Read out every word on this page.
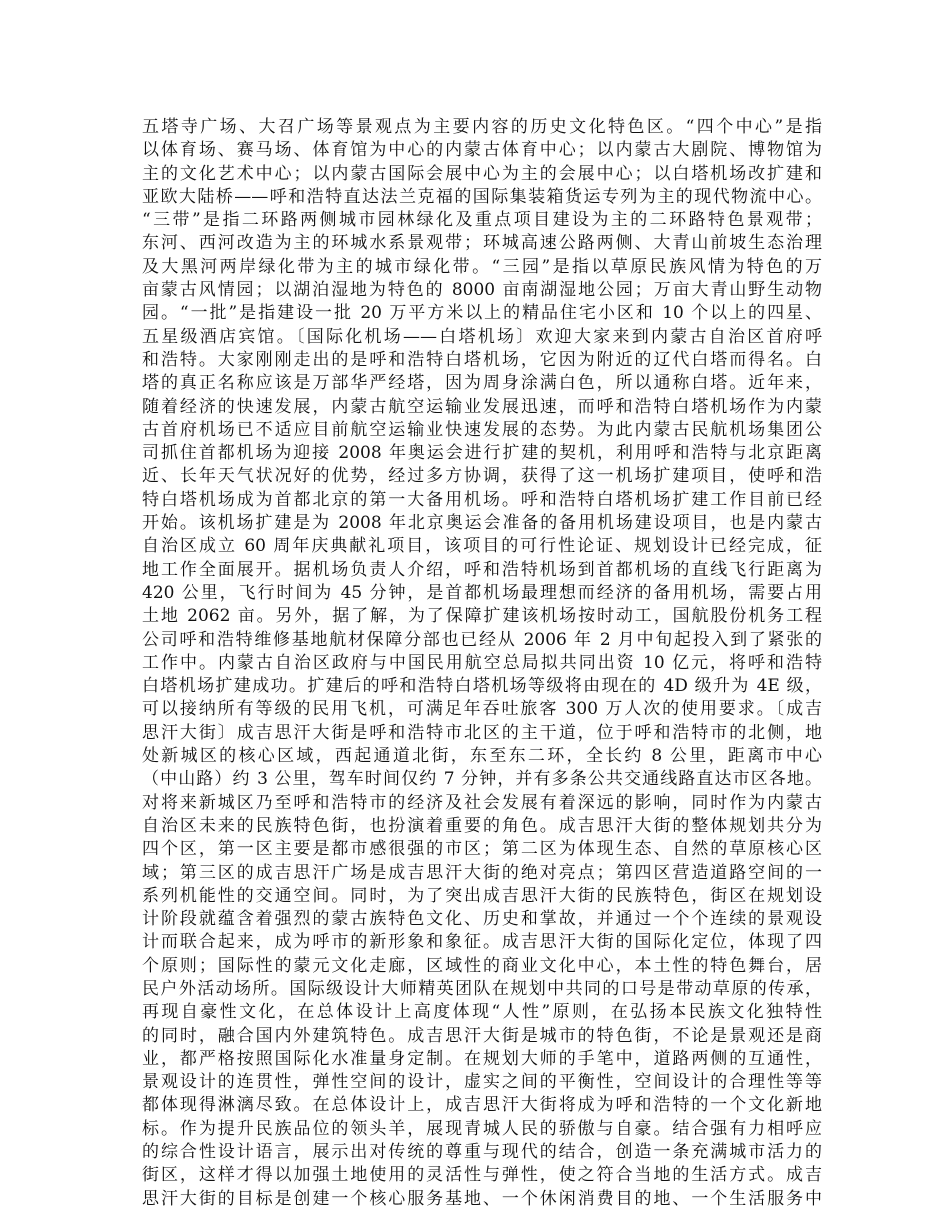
五塔寺广场、大召广场等景观点为主要内容的历史文化特色区。“四个中心”是指
以体育场、赛马场、体育馆为中心的内蒙古体育中心；以内蒙古大剧院、博物馆为
主的文化艺术中心；以内蒙古国际会展中心为主的会展中心；以白塔机场改扩建和
亚欧大陆桥——呼和浩特直达法兰克福的国际集装箱货运专列为主的现代物流中心。
“三带”是指二环路两侧城市园林绿化及重点项目建设为主的二环路特色景观带；
东河、西河改造为主的环城水系景观带；环城高速公路两侧、大青山前坡生态治理
及大黑河两岸绿化带为主的城市绿化带。“三园”是指以草原民族风情为特色的万
亩蒙古风情园；以湖泊湿地为特色的 8000 亩南湖湿地公园；万亩大青山野生动物
园。“一批”是指建设一批 20 万平方米以上的精品住宅小区和 10 个以上的四星、
五星级酒店宾馆。〔国际化机场——白塔机场〕欢迎大家来到内蒙古自治区首府呼
和浩特。大家刚刚走出的是呼和浩特白塔机场，它因为附近的辽代白塔而得名。白
塔的真正名称应该是万部华严经塔，因为周身涂满白色，所以通称白塔。近年来，
随着经济的快速发展，内蒙古航空运输业发展迅速，而呼和浩特白塔机场作为内蒙
古首府机场已不适应目前航空运输业快速发展的态势。为此内蒙古民航机场集团公
司抓住首都机场为迎接 2008 年奥运会进行扩建的契机，利用呼和浩特与北京距离
近、长年天气状况好的优势，经过多方协调，获得了这一机场扩建项目，使呼和浩
特白塔机场成为首都北京的第一大备用机场。呼和浩特白塔机场扩建工作目前已经
开始。该机场扩建是为 2008 年北京奥运会准备的备用机场建设项目，也是内蒙古
自治区成立 60 周年庆典献礼项目，该项目的可行性论证、规划设计已经完成，征
地工作全面展开。据机场负责人介绍，呼和浩特机场到首都机场的直线飞行距离为
420 公里，飞行时间为 45 分钟，是首都机场最理想而经济的备用机场，需要占用
土地 2062 亩。另外，据了解，为了保障扩建该机场按时动工，国航股份机务工程
公司呼和浩特维修基地航材保障分部也已经从 2006 年 2 月中旬起投入到了紧张的
工作中。内蒙古自治区政府与中国民用航空总局拟共同出资 10 亿元，将呼和浩特
白塔机场扩建成功。扩建后的呼和浩特白塔机场等级将由现在的 4D 级升为 4E 级，
可以接纳所有等级的民用飞机，可满足年吞吐旅客 300 万人次的使用要求。〔成吉
思汗大街〕成吉思汗大街是呼和浩特市北区的主干道，位于呼和浩特市的北侧，地
处新城区的核心区域，西起通道北街，东至东二环，全长约 8 公里，距离市中心
（中山路）约 3 公里，驾车时间仅约 7 分钟，并有多条公共交通线路直达市区各地。
对将来新城区乃至呼和浩特市的经济及社会发展有着深远的影响，同时作为内蒙古
自治区未来的民族特色街，也扮演着重要的角色。成吉思汗大街的整体规划共分为
四个区，第一区主要是都市感很强的市区；第二区为体现生态、自然的草原核心区
域；第三区的成吉思汗广场是成吉思汗大街的绝对亮点；第四区营造道路空间的一
系列机能性的交通空间。同时，为了突出成吉思汗大街的民族特色，街区在规划设
计阶段就蕴含着强烈的蒙古族特色文化、历史和掌故，并通过一个个连续的景观设
计而联合起来，成为呼市的新形象和象征。成吉思汗大街的国际化定位，体现了四
个原则；国际性的蒙元文化走廊，区域性的商业文化中心，本土性的特色舞台，居
民户外活动场所。国际级设计大师精英团队在规划中共同的口号是带动草原的传承，
再现自豪性文化，在总体设计上高度体现“人性”原则，在弘扬本民族文化独特性
的同时，融合国内外建筑特色。成吉思汗大街是城市的特色街，不论是景观还是商
业，都严格按照国际化水准量身定制。在规划大师的手笔中，道路两侧的互通性，
景观设计的连贯性，弹性空间的设计，虚实之间的平衡性，空间设计的合理性等等
都体现得淋漓尽致。在总体设计上，成吉思汗大街将成为呼和浩特的一个文化新地
标。作为提升民族品位的领头羊，展现青城人民的骄傲与自豪。结合强有力相呼应
的综合性设计语言，展示出对传统的尊重与现代的结合，创造一条充满城市活力的
街区，这样才得以加强土地使用的灵活性与弹性，使之符合当地的生活方式。成吉
思汗大街的目标是创建一个核心服务基地、一个休闲消费目的地、一个生活服务中
